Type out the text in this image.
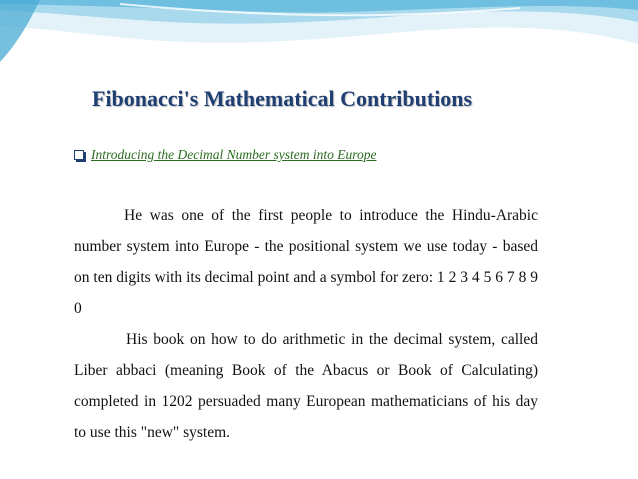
Fibonacci's Mathematical Contributions
Introducing the Decimal Number system into Europe

He was one of the first people to introduce the Hindu-Arabic number system into Europe - the positional system we use today - based on ten digits with its decimal point and a symbol for zero: 1 2 3 4 5 6 7 8 9 0

His book on how to do arithmetic in the decimal system, called Liber abbaci (meaning Book of the Abacus or Book of Calculating) completed in 1202 persuaded many European mathematicians of his day to use this "new" system.
